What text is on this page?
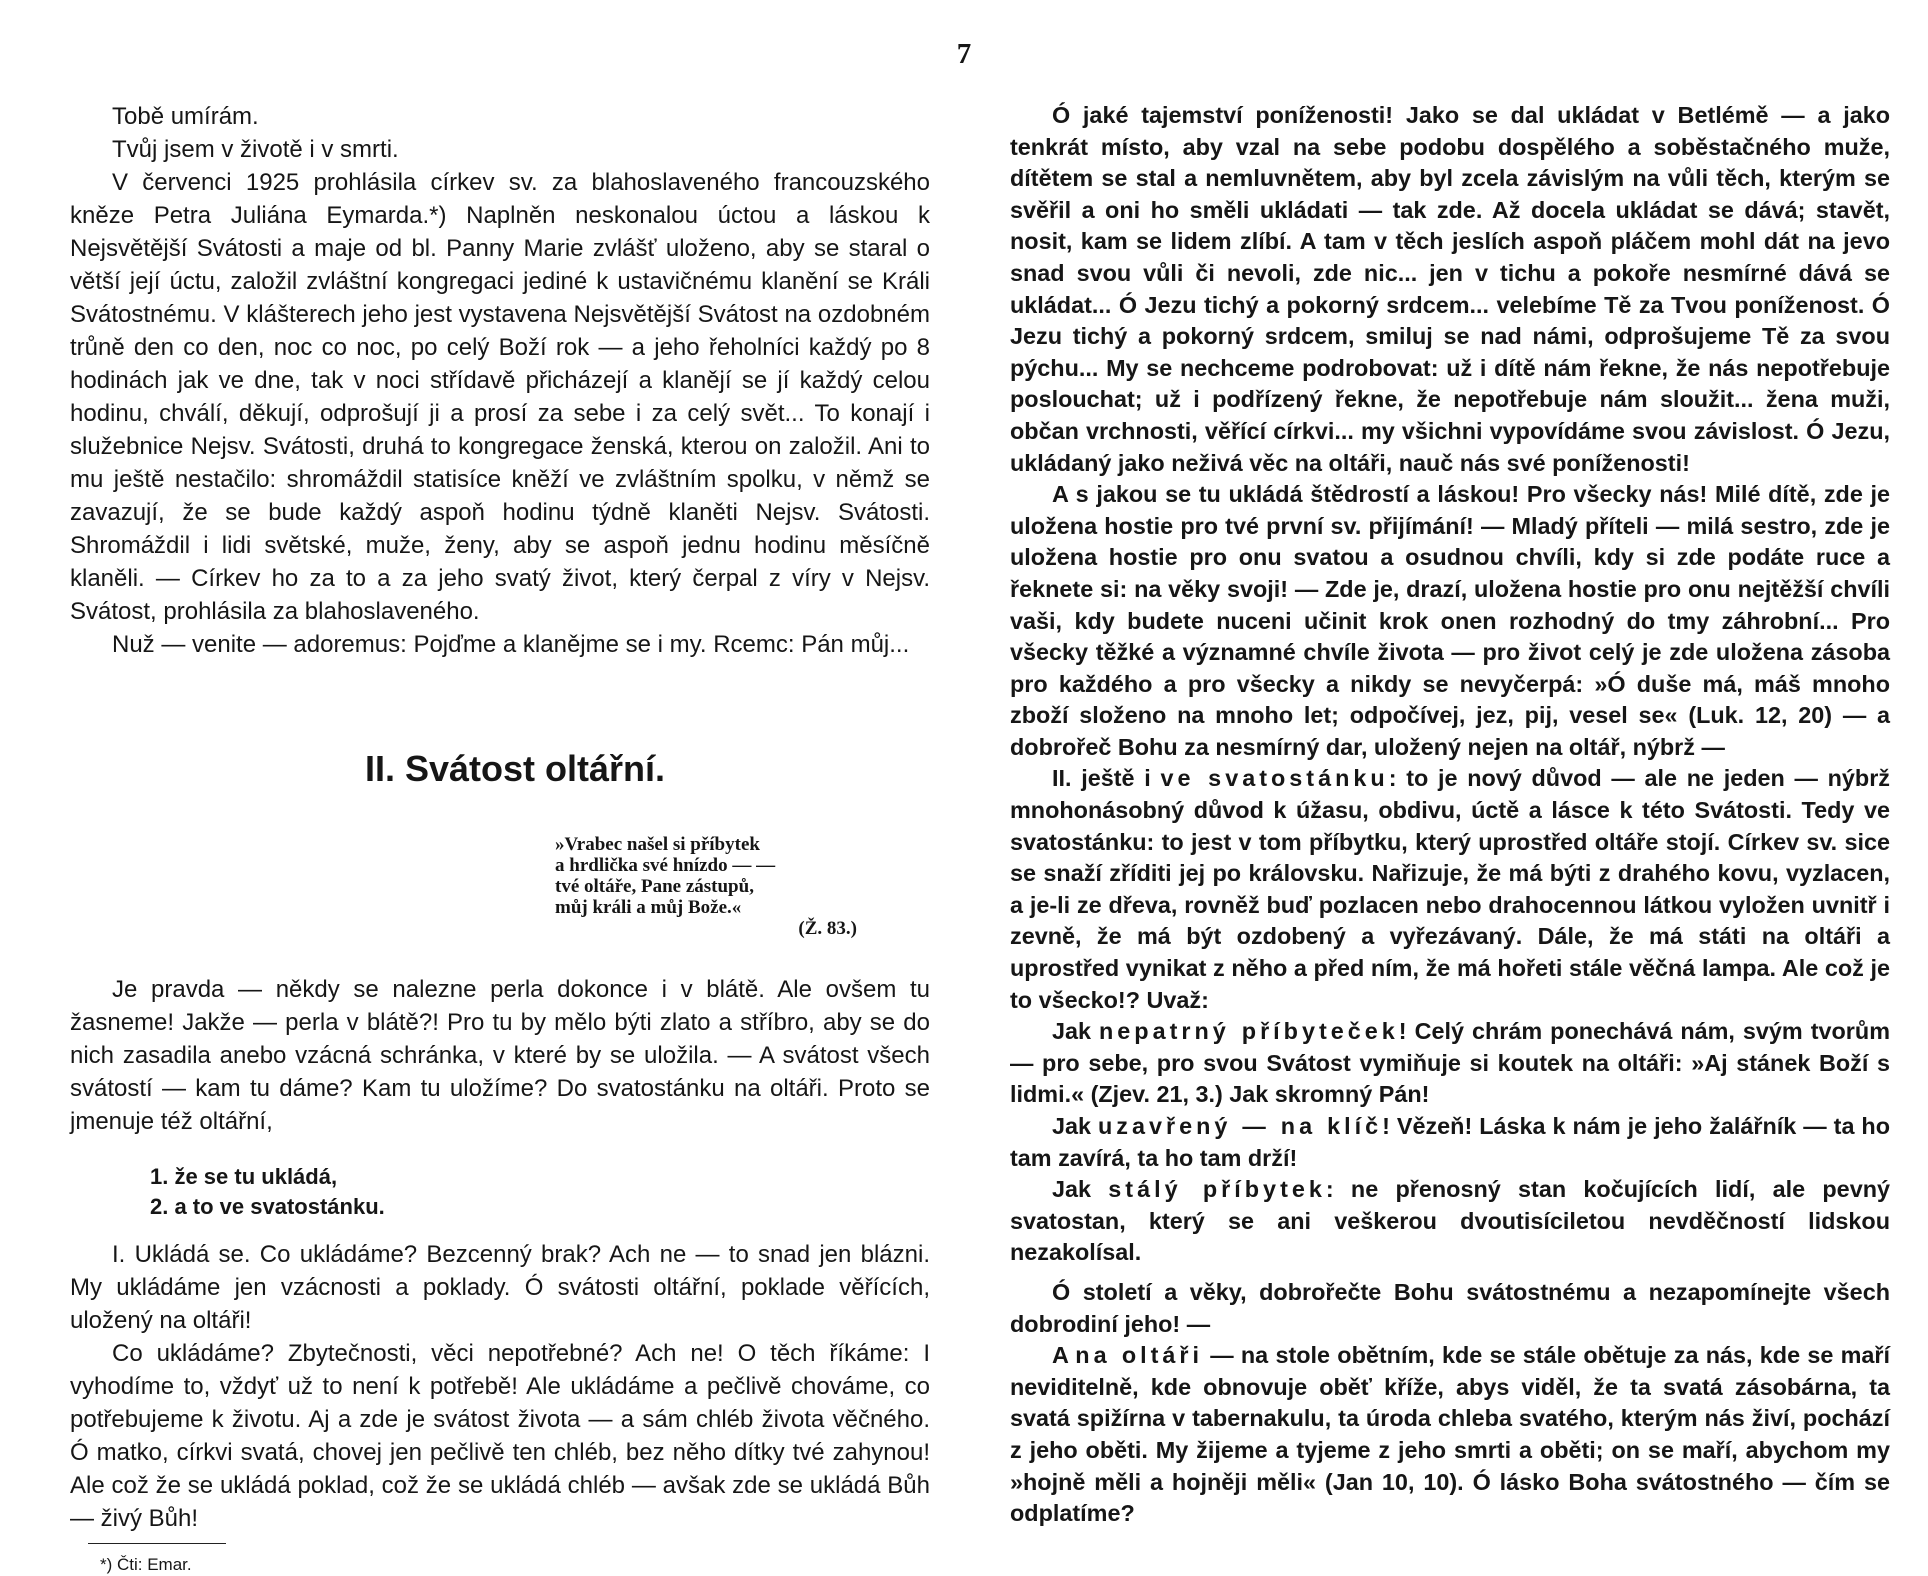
7

Tobě umírám.

Tvůj jsem v životě i v smrti.

V červenci 1925 prohlásila církev sv. za blahoslaveného francouzského kněze Petra Juliána Eymarda.*) Naplněn neskonalou úctou a láskou k Nejsvětější Svátosti a maje od bl. Panny Marie zvlášť uloženo, aby se staral o větší její úctu, založil zvláštní kongregaci jediné k ustavičnému klanění se Králi Svátostnému. V klášterech jeho jest vystavena Nejsvětější Svátost na ozdobném trůně den co den, noc co noc, po celý Boží rok — a jeho řeholníci každý po 8 hodinách jak ve dne, tak v noci střídavě přicházejí a klanějí se jí každý celou hodinu, chválí, děkují, odprošují ji a prosí za sebe i za celý svět... To konají i služebnice Nejsv. Svátosti, druhá to kongregace ženská, kterou on založil. Ani to mu ještě nestačilo: shromáždil statisíce kněží ve zvláštním spolku, v němž se zavazují, že se bude každý aspoň hodinu týdně klaněti Nejsv. Svátosti. Shromáždil i lidi světské, muže, ženy, aby se aspoň jednu hodinu měsíčně klaněli. — Církev ho za to a za jeho svatý život, který čerpal z víry v Nejsv. Svátost, prohlásila za blahoslaveného.

Nuž — venite — adoremus: Pojďme a klanějme se i my. Rcemc: Pán můj...

II. Svátost oltářní.
»Vrabec našel si příbytek
a hrdlička své hnízdo — —
tvé oltáře, Pane zástupů,
můj králi a můj Bože.«
(Ž. 83.)

Je pravda — někdy se nalezne perla dokonce i v blátě. Ale ovšem tu žasneme! Jakže — perla v blátě?! Pro tu by mělo býti zlato a stříbro, aby se do nich zasadila anebo vzácná schránka, v které by se uložila. — A svátost všech svátostí — kam tu dáme? Kam tu uložíme? Do svatostánku na oltáři. Proto se jmenuje též oltářní,

1. že se tu ukládá,

2. a to ve svatostánku.

I. Ukládá se. Co ukládáme? Bezcenný brak? Ach ne — to snad jen blázni. My ukládáme jen vzácnosti a poklady. Ó svátosti oltářní, poklade věřících, uložený na oltáři!

Co ukládáme? Zbytečnosti, věci nepotřebné? Ach ne! O těch říkáme: I vyhodíme to, vždyť už to není k potřebě! Ale ukládáme a pečlivě chováme, co potřebujeme k životu. Aj a zde je svátost života — a sám chléb života věčného. Ó matko, církvi svatá, chovej jen pečlivě ten chléb, bez něho dítky tvé zahynou! Ale což že se ukládá poklad, což že se ukládá chléb — avšak zde se ukládá Bůh — živý Bůh!

*) Čti: Emar.

Ó jaké tajemství poníženosti! Jako se dal ukládat v Betlémě — a jako tenkrát místo, aby vzal na sebe podobu dospělého a soběstačného muže, dítětem se stal a nemluvnětem, aby byl zcela závislým na vůli těch, kterým se svěřil a oni ho směli ukládati — tak zde. Až docela ukládat se dává; stavět, nosit, kam se lidem zlíbí. A tam v těch jeslích aspoň pláčem mohl dát na jevo snad svou vůli či nevoli, zde nic... jen v tichu a pokoře nesmírné dává se ukládat... Ó Jezu tichý a pokorný srdcem... velebíme Tě za Tvou poníženost. Ó Jezu tichý a pokorný srdcem, smiluj se nad námi, odprošujeme Tě za svou pýchu... My se nechceme podrobovat: už i dítě nám řekne, že nás nepotřebuje poslouchat; už i podřízený řekne, že nepotřebuje nám sloužit... žena muži, občan vrchnosti, věřící církvi... my všichni vypovídáme svou závislost. Ó Jezu, ukládaný jako neživá věc na oltáři, nauč nás své poníženosti!

A s jakou se tu ukládá štědrostí a láskou! Pro všecky nás! Milé dítě, zde je uložena hostie pro tvé první sv. přijímání! — Mladý příteli — milá sestro, zde je uložena hostie pro onu svatou a osudnou chvíli, kdy si zde podáte ruce a řeknete si: na věky svoji! — Zde je, drazí, uložena hostie pro onu nejtěžší chvíli vaši, kdy budete nuceni učinit krok onen rozhodný do tmy záhrobní... Pro všecky těžké a významné chvíle života — pro život celý je zde uložena zásoba pro každého a pro všecky a nikdy se nevyčerpá: »Ó duše má, máš mnoho zboží složeno na mnoho let; odpočívej, jez, pij, vesel se« (Luk. 12, 20) — a dobrořeč Bohu za nesmírný dar, uložený nejen na oltář, nýbrž —

II. ještě i ve svatostánku: to je nový důvod — ale ne jeden — nýbrž mnohonásobný důvod k úžasu, obdivu, úctě a lásce k této Svátosti. Tedy ve svatostánku: to jest v tom příbytku, který uprostřed oltáře stojí. Církev sv. sice se snaží zříditi jej po královsku. Nařizuje, že má býti z drahého kovu, vyzlacen, a je-li ze dřeva, rovněž buď pozlacen nebo drahocennou látkou vyložen uvnitř i zevně, že má být ozdobený a vyřezávaný. Dále, že má státi na oltáři a uprostřed vynikat z něho a před ním, že má hořeti stále věčná lampa. Ale což je to všecko!? Uvaž:

Jak nepatrný příbyteček! Celý chrám ponechává nám, svým tvorům — pro sebe, pro svou Svátost vymiňuje si koutek na oltáři: »Aj stánek Boží s lidmi.« (Zjev. 21, 3.) Jak skromný Pán!

Jak uzavřený — na klíč! Vězeň! Láska k nám je jeho žalářník — ta ho tam zavírá, ta ho tam drží!

Jak stálý příbytek: ne přenosný stan kočujících lidí, ale pevný svatostan, který se ani veškerou dvoutisíciletou nevděčností lidskou nezakolísal.

Ó století a věky, dobrořečte Bohu svátostnému a nezapomínejte všech dobrodiní jeho! —

A na oltáři — na stole obětním, kde se stále obětuje za nás, kde se maří neviditelně, kde obnovuje oběť kříže, abys viděl, že ta svatá zásobárna, ta svatá spižírna v tabernakulu, ta úroda chleba svatého, kterým nás živí, pochází z jeho oběti. My žijeme a tyjeme z jeho smrti a oběti; on se maří, abychom my »hojně měli a hojněji měli« (Jan 10, 10). Ó lásko Boha svátostného — čím se odplatíme?
